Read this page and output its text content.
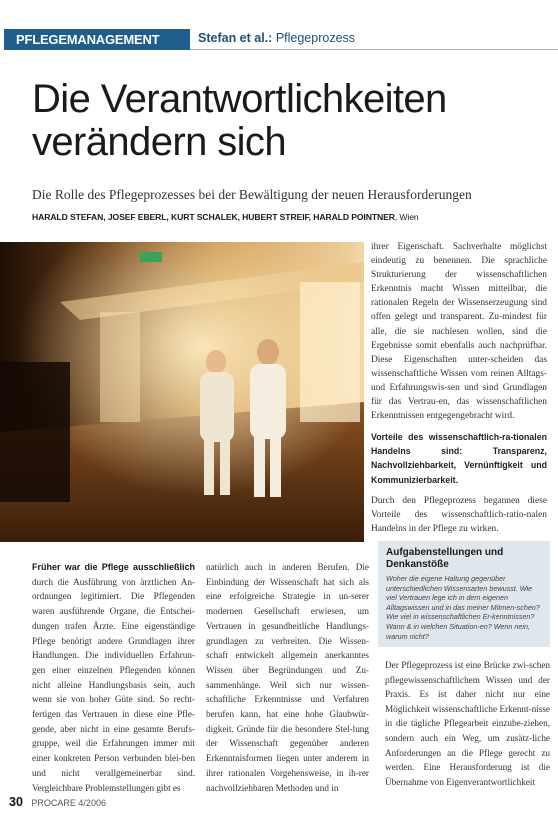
PFLEGEMANAGEMENT	Stefan et al.: Pflegeprozess
Die Verantwortlichkeiten
verändern sich
Die Rolle des Pflegeprozesses bei der Bewältigung der neuen Herausforderungen
HARALD STEFAN, JOSEF EBERL, KURT SCHALEK, HUBERT STREIF, HARALD POINTNER, Wien

ihrer Eigenschaft. Sachverhalte möglichst eindeutig zu benennen. Die sprachliche Strukturierung der wissenschaftlichen Erkenntnis macht Wissen mitteilbar, die rationalen Regeln der Wissenserzeugung sind offen gelegt und transparent. Zu-mindest für alle, die sie nachlesen wollen, sind die Ergebnisse somit ebenfalls auch nachprüfbar. Diese Eigenschaften unter-scheiden das wissenschaftliche Wissen vom reinen Alltags- und Erfahrungswis-sen und sind Grundlagen für das Vertrau-en, das wissenschaftlichen Erkenntnissen entgegengebracht wird.

Vorteile des wissenschaftlich-ra-tionalen Handelns sind: Transparenz, Nachvollziehbarkeit, Vernünftigkeit und Kommunizierbarkeit.

Durch den Pflegeprozess begannen diese Vorteile des wissenschaftlich-ratio-nalen Handelns in der Pflege zu wirken.

Aufgabenstellungen und Denkanstöße

Woher die eigene Haltung gegenüber unterschiedlichen Wissensarten bewusst. Wie viel Vertrauen lege ich in dem eigenen Alltagswissen und in das meiner Mitmen-schen? Wie viel in wissenschaftlichen Er-kenntnissen? Wann & in welchen Situation-en? Wenn nein, warum nicht?

Der Pflegeprozess ist eine Brücke zwi-schen pflegewissenschaftlichem Wissen und der Praxis. Es ist daher nicht nur eine Möglichkeit wissenschaftliche Erkennt-nisse in die tägliche Pflegearbeit einzube-ziehen, sondern auch ein Weg, um zusätz-liche Anforderungen an die Pflege gerecht zu werden. Eine Herausforderung ist die Übernahme von Eigenverantwortlichkeit
Früher war die Pflege ausschließlich durch die Ausführung von ärztlichen An-ordnungen legitimiert. Die Pflegenden waren ausführende Organe, die Entschei-dungen trafen Ärzte. Eine eigenständige Pflege benötigt andere Grundlagen ihrer Handlungen. Die individuellen Erfahrun-gen einer einzelnen Pflegenden können nicht alleine Handlungsbasis sein, auch wenn sie von hoher Güte sind. So recht-fertigen das Vertrauen in diese eine Pfle-gende, aber nicht in eine gesamte Berufs-gruppe, weil die Erfahrungen immer mit einer konkreten Person verbunden blei-ben und nicht verallgemeinerbar sind. Vergleichbare Problemstellungen gibt es
natürlich auch in anderen Berufen. Die Einbindung der Wissenschaft hat sich als eine erfolgreiche Strategie in un-serer modernen Gesellschaft erwiesen, um Vertrauen in gesundheitliche Handlungs-grundlagen zu verbreiten. Die Wissen-schaft entwickelt allgemein anerkanntes Wissen über Begründungen und Zu-sammenhänge. Weil sich nur wissen-schaftliche Erkenntnisse und Verfahren berufen kann, hat eine hohe Glaubwür-digkeit. Gründe für die besondere Stel-lung der Wissenschaft gegenüber anderen Erkenntnisformen liegen unter anderem in ihrer rationalen Vorgehensweise, in ih-rer nachvollziehbaren Methoden und in
30 PROCARE 4/2006
